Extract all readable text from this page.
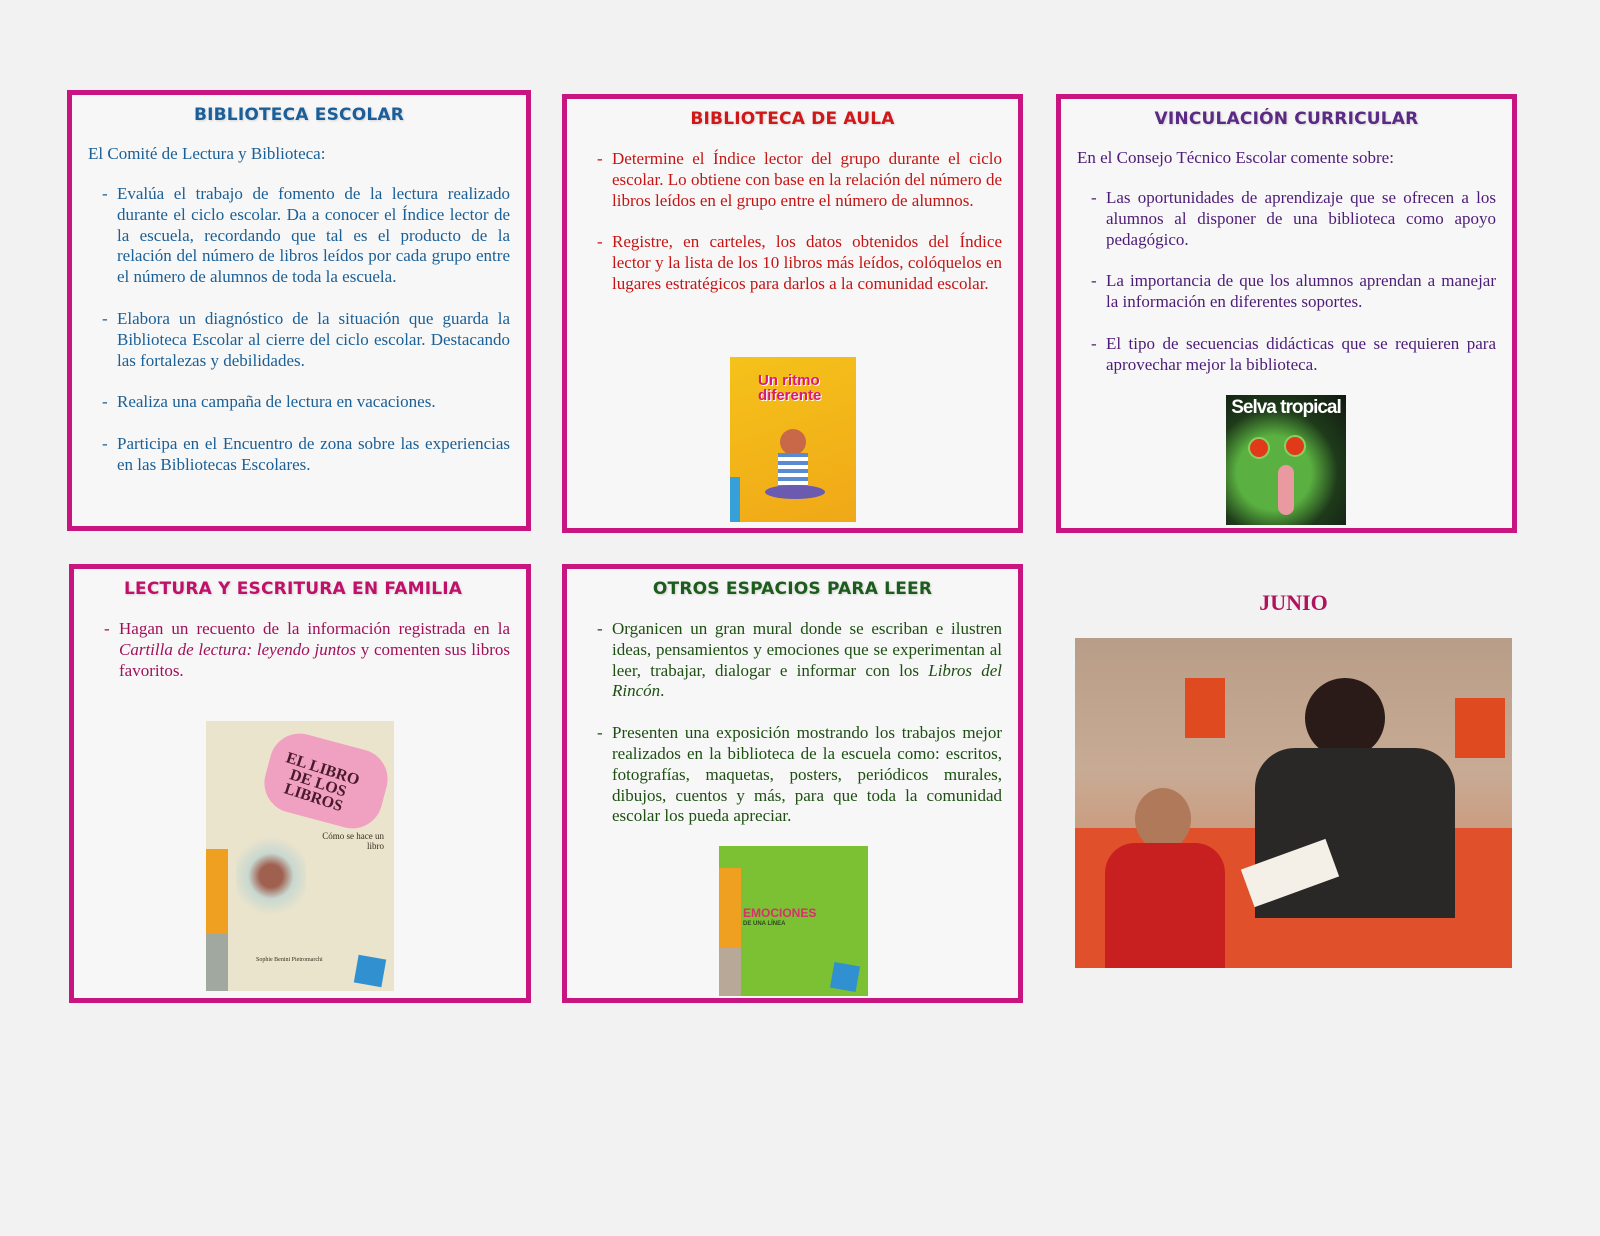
BIBLIOTECA ESCOLAR

El Comité de Lectura y Biblioteca:

- Evalúa el trabajo de fomento de la lectura realizado durante el ciclo escolar. Da a conocer el Índice lector de la escuela, recordando que tal es el producto de la relación del número de libros leídos por cada grupo entre el número de alumnos de toda la escuela.
- Elabora un diagnóstico de la situación que guarda la Biblioteca Escolar al cierre del ciclo escolar. Destacando las fortalezas y debilidades.
- Realiza una campaña de lectura en vacaciones.
- Participa en el Encuentro de zona sobre las experiencias en las Bibliotecas Escolares.
BIBLIOTECA DE AULA
- Determine el Índice lector del grupo durante el ciclo escolar. Lo obtiene con base en la relación del número de libros leídos en el grupo entre el número de alumnos.
- Registre, en carteles, los datos obtenidos del Índice lector y la lista de los 10 libros más leídos, colóquelos en lugares estratégicos para darlos a la comunidad escolar.
Un ritmo diferente
VINCULACIÓN CURRICULAR

En el Consejo Técnico Escolar comente sobre:

- Las oportunidades de aprendizaje que se ofrecen a los alumnos al disponer de una biblioteca como apoyo pedagógico.
- La importancia de que los alumnos aprendan a manejar la información en diferentes soportes.
- El tipo de secuencias didácticas que se requieren para aprovechar mejor la biblioteca.
Selva tropical
LECTURA Y ESCRITURA EN FAMILIA
- Hagan un recuento de la información registrada en la Cartilla de lectura: leyendo juntos y comenten sus libros favoritos.
EL LIBRO DE LOS LIBROS
Cómo se hace un libro
Sophie Benini Pietromarchi
OTROS ESPACIOS PARA LEER
- Organicen un gran mural donde se escriban e ilustren ideas, pensamientos y emociones que se experimentan al leer, trabajar, dialogar e informar con los Libros del Rincón.
- Presenten una exposición mostrando los trabajos mejor realizados en la biblioteca de la escuela como: escritos, fotografías, maquetas, posters, periódicos murales, dibujos, cuentos y más, para que toda la comunidad escolar los pueda apreciar.
EMOCIONES
DE UNA LÍNEA
JUNIO
